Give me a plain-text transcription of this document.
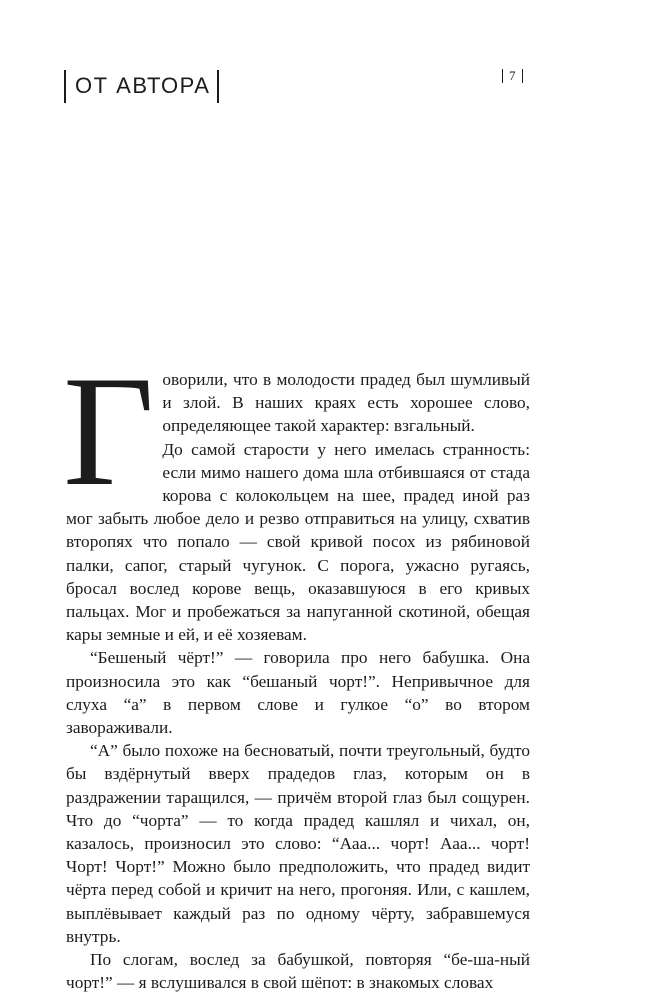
ОТ АВТОРА	7
Г оворили, что в молодости прадед был шумливый и злой. В наших краях есть хорошее слово, определяющее такой характер: взгальный.

До самой старости у него имелась странность: если мимо нашего дома шла отбившаяся от стада корова с колокольцем на шее, прадед иной раз мог забыть любое дело и резво отправиться на улицу, схватив второпях что попало — свой кривой посох из рябиновой палки, сапог, старый чугунок. С порога, ужасно ругаясь, бросал вослед корове вещь, оказавшуюся в его кривых пальцах. Мог и пробежаться за напуганной скотиной, обещая кары земные и ей, и её хозяевам.

“Бешеный чёрт!” — говорила про него бабушка. Она произносила это как “бешаный чорт!”. Непривычное для слуха “а” в первом слове и гулкое “о” во втором завораживали.

“А” было похоже на бесноватый, почти треугольный, будто бы вздёрнутый вверх прадедов глаз, которым он в раздражении таращился, — причём второй глаз был сощурен. Что до “чорта” — то когда прадед кашлял и чихал, он, казалось, произносил это слово: “Ааа... чорт! Ааа... чорт! Чорт! Чорт!” Можно было предположить, что прадед видит чёрта перед собой и кричит на него, прогоняя. Или, с кашлем, выплёвывает каждый раз по одному чёрту, забравшемуся внутрь.

По слогам, вослед за бабушкой, повторяя “бе-ша-ный чорт!” — я вслушивался в свой шёпот: в знакомых словах
